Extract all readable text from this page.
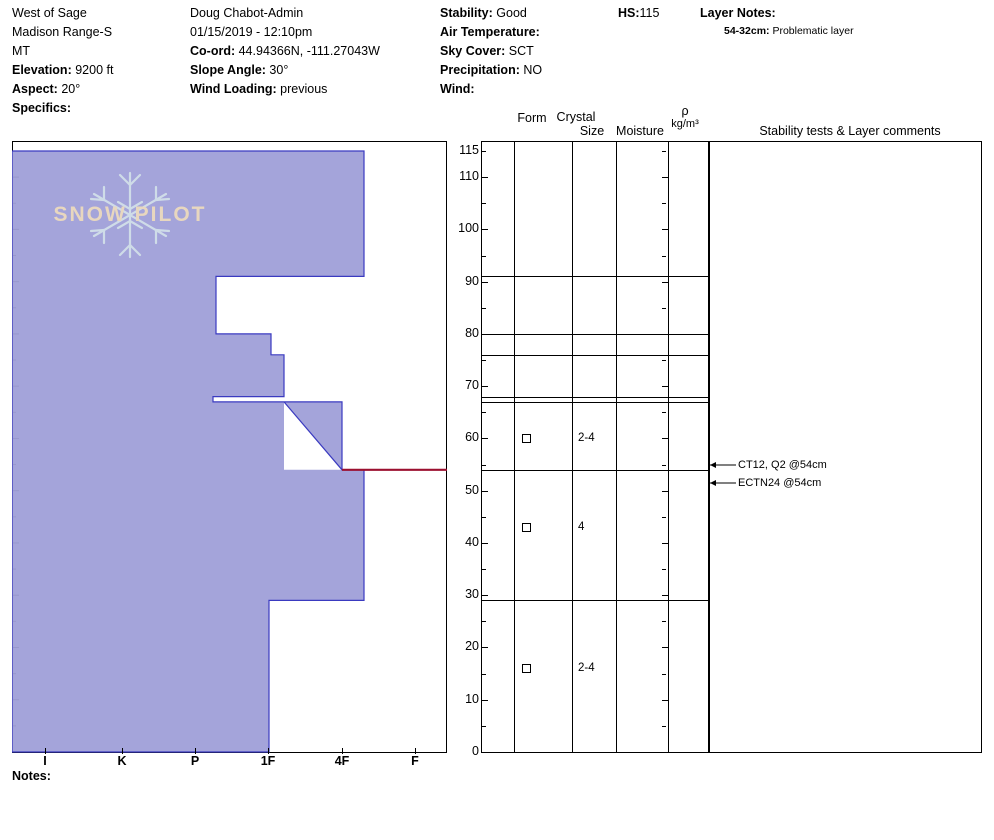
West of Sage
Madison Range-S
MT
Elevation: 9200 ft
Aspect: 20°
Specifics:
Doug Chabot-Admin
01/15/2019 - 12:10pm
Co-ord: 44.94366N, -111.27043W
Slope Angle: 30°
Wind Loading: previous
Stability: Good
Air Temperature:
Sky Cover: SCT
Precipitation: NO
Wind:
HS:115	Layer Notes:
54-32cm: Problematic layer
Form Crystal
Size Moisture
ρ
kg/m³	Stability tests & Layer comments
SNOW PILOT
0
10
20
30
40
50
60
70
80
90
100
110
115
2-4
4
2-4
CT12, Q2 @54cm
ECTN24 @54cm
I	K	P	1F	4F	F
Notes:
